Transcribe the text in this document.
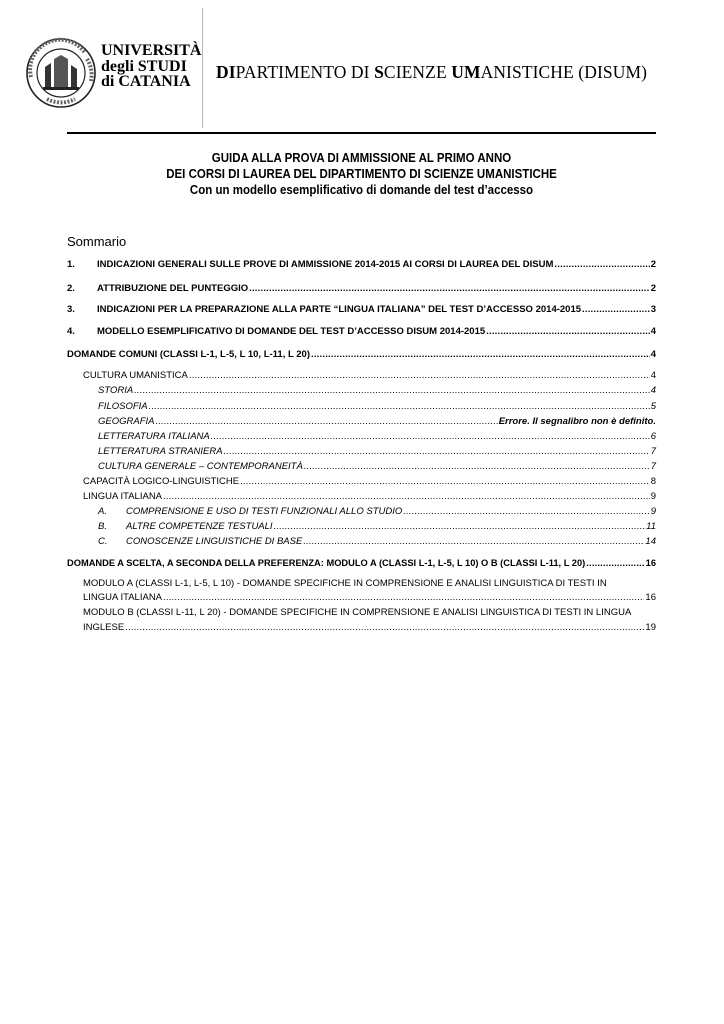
UNIVERSITÀ
degli STUDI
di CATANIA	DIPARTIMENTO DI SCIENZE UMANISTICHE (DISUM)
GUIDA ALLA PROVA DI AMMISSIONE AL PRIMO ANNO
DEI CORSI DI LAUREA DEL DIPARTIMENTO DI SCIENZE UMANISTICHE
Con un modello esemplificativo di domande del test d’accesso
Sommario
1. INDICAZIONI GENERALI SULLE PROVE DI AMMISSIONE 2014-2015 AI CORSI DI LAUREA DEL DISUM .....	2
2. ATTRIBUZIONE DEL PUNTEGGIO .....	2
3. INDICAZIONI PER LA PREPARAZIONE ALLA PARTE “LINGUA ITALIANA” DEL TEST D’ACCESSO 2014-2015 .....	3
4. MODELLO ESEMPLIFICATIVO DI DOMANDE DEL TEST D’ACCESSO DISUM 2014-2015 .....	4
DOMANDE COMUNI (CLASSI L-1, L-5, L 10, L-11, L 20) .....	4
CULTURA UMANISTICA .....	4
STORIA .....	4
FILOSOFIA .....	5
GEOGRAFIA .....	Errore. Il segnalibro non è definito.
LETTERATURA ITALIANA .....	6
LETTERATURA STRANIERA .....	7
CULTURA GENERALE – CONTEMPORANEITÀ .....	7
CAPACITÀ LOGICO-LINGUISTICHE .....	8
LINGUA ITALIANA .....	9
A. COMPRENSIONE E USO DI TESTI FUNZIONALI ALLO STUDIO .....	9
B. ALTRE COMPETENZE TESTUALI .....	11
C. CONOSCENZE LINGUISTICHE DI BASE .....	14
DOMANDE A SCELTA, A SECONDA DELLA PREFERENZA: MODULO A (CLASSI L-1, L-5, L 10) O B (CLASSI L-11, L 20) .....	16
MODULO A (CLASSI L-1, L-5, L 10) - DOMANDE SPECIFICHE IN COMPRENSIONE E ANALISI LINGUISTICA DI TESTI IN
LINGUA ITALIANA .....	16
MODULO B (CLASSI L-11, L 20) - DOMANDE SPECIFICHE IN COMPRENSIONE E ANALISI LINGUISTICA DI TESTI IN LINGUA
INGLESE .....	19
